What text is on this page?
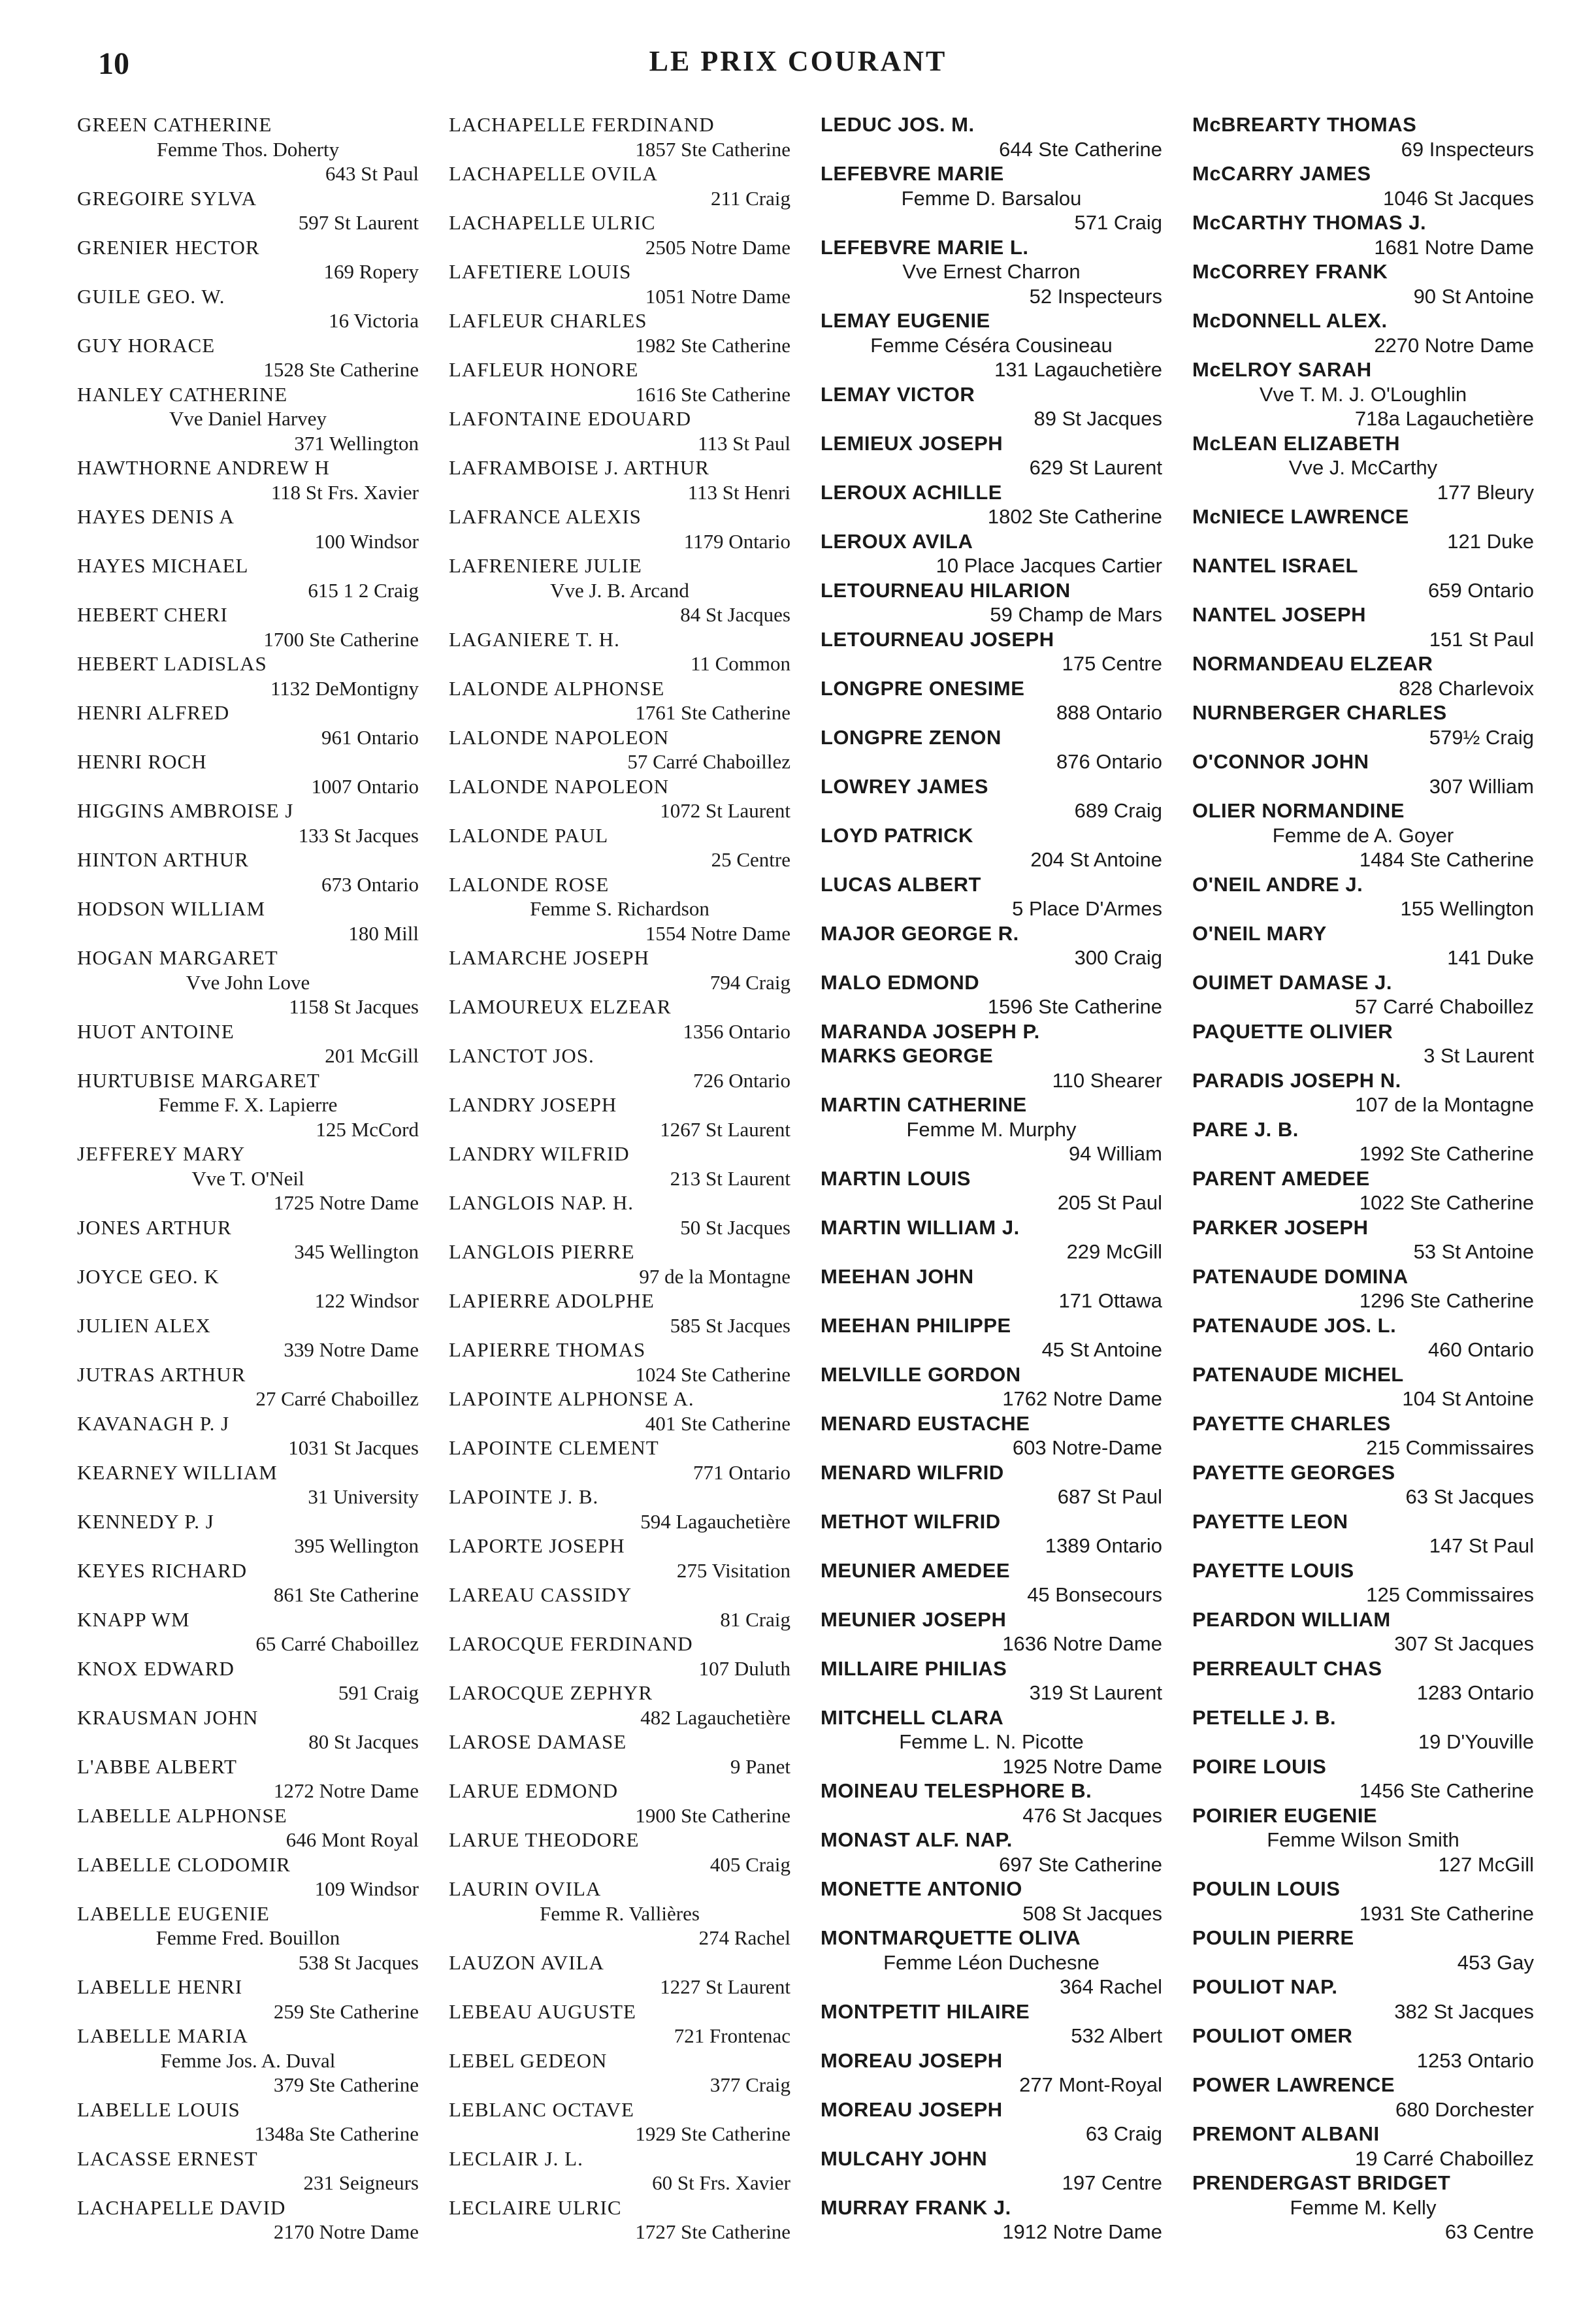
10	LE PRIX COURANT
GREEN CATHERINE
Femme Thos. Doherty
643 St Paul
GREGOIRE SYLVA
597 St Laurent
GRENIER HECTOR
169 Ropery
GUILE GEO. W.
16 Victoria
GUY HORACE
1528 Ste Catherine
HANLEY CATHERINE
Vve Daniel Harvey
371 Wellington
HAWTHORNE ANDREW H
118 St Frs. Xavier
HAYES DENIS A
100 Windsor
HAYES MICHAEL
615 1 2 Craig
HEBERT CHERI
1700 Ste Catherine
HEBERT LADISLAS
1132 DeMontigny
HENRI ALFRED
961 Ontario
HENRI ROCH
1007 Ontario
HIGGINS AMBROISE J
133 St Jacques
HINTON ARTHUR
673 Ontario
HODSON WILLIAM
180 Mill
HOGAN MARGARET
Vve John Love
1158 St Jacques
HUOT ANTOINE
201 McGill
HURTUBISE MARGARET
Femme F. X. Lapierre
125 McCord
JEFFEREY MARY
Vve T. O'Neil
1725 Notre Dame
JONES ARTHUR
345 Wellington
JOYCE GEO. K
122 Windsor
JULIEN ALEX
339 Notre Dame
JUTRAS ARTHUR
27 Carré Chaboillez
KAVANAGH P. J
1031 St Jacques
KEARNEY WILLIAM
31 University
KENNEDY P. J
395 Wellington
KEYES RICHARD
861 Ste Catherine
KNAPP WM
65 Carré Chaboillez
KNOX EDWARD
591 Craig
KRAUSMAN JOHN
80 St Jacques
L'ABBE ALBERT
1272 Notre Dame
LABELLE ALPHONSE
646 Mont Royal
LABELLE CLODOMIR
109 Windsor
LABELLE EUGENIE
Femme Fred. Bouillon
538 St Jacques
LABELLE HENRI
259 Ste Catherine
LABELLE MARIA
Femme Jos. A. Duval
379 Ste Catherine
LABELLE LOUIS
1348a Ste Catherine
LACASSE ERNEST
231 Seigneurs
LACHAPELLE DAVID
2170 Notre Dame
LACHAPELLE FERDINAND
1857 Ste Catherine
LACHAPELLE OVILA
211 Craig
LACHAPELLE ULRIC
2505 Notre Dame
LAFETIERE LOUIS
1051 Notre Dame
LAFLEUR CHARLES
1982 Ste Catherine
LAFLEUR HONORE
1616 Ste Catherine
LAFONTAINE EDOUARD
113 St Paul
LAFRAMBOISE J. ARTHUR
113 St Henri
LAFRANCE ALEXIS
1179 Ontario
LAFRENIERE JULIE
Vve J. B. Arcand
84 St Jacques
LAGANIERE T. H.
11 Common
LALONDE ALPHONSE
1761 Ste Catherine
LALONDE NAPOLEON
57 Carré Chaboillez
LALONDE NAPOLEON
1072 St Laurent
LALONDE PAUL
25 Centre
LALONDE ROSE
Femme S. Richardson
1554 Notre Dame
LAMARCHE JOSEPH
794 Craig
LAMOUREUX ELZEAR
1356 Ontario
LANCTOT JOS.
726 Ontario
LANDRY JOSEPH
1267 St Laurent
LANDRY WILFRID
213 St Laurent
LANGLOIS NAP. H.
50 St Jacques
LANGLOIS PIERRE
97 de la Montagne
LAPIERRE ADOLPHE
585 St Jacques
LAPIERRE THOMAS
1024 Ste Catherine
LAPOINTE ALPHONSE A.
401 Ste Catherine
LAPOINTE CLEMENT
771 Ontario
LAPOINTE J. B.
594 Lagauchetière
LAPORTE JOSEPH
275 Visitation
LAREAU CASSIDY
81 Craig
LAROCQUE FERDINAND
107 Duluth
LAROCQUE ZEPHYR
482 Lagauchetière
LAROSE DAMASE
9 Panet
LARUE EDMOND
1900 Ste Catherine
LARUE THEODORE
405 Craig
LAURIN OVILA
Femme R. Vallières
274 Rachel
LAUZON AVILA
1227 St Laurent
LEBEAU AUGUSTE
721 Frontenac
LEBEL GEDEON
377 Craig
LEBLANC OCTAVE
1929 Ste Catherine
LECLAIR J. L.
60 St Frs. Xavier
LECLAIRE ULRIC
1727 Ste Catherine
LEDUC JOS. M.
644 Ste Catherine
LEFEBVRE MARIE
Femme D. Barsalou
571 Craig
LEFEBVRE MARIE L.
Vve Ernest Charron
52 Inspecteurs
LEMAY EUGENIE
Femme Céséra Cousineau
131 Lagauchetière
LEMAY VICTOR
89 St Jacques
LEMIEUX JOSEPH
629 St Laurent
LEROUX ACHILLE
1802 Ste Catherine
LEROUX AVILA
10 Place Jacques Cartier
LETOURNEAU HILARION
59 Champ de Mars
LETOURNEAU JOSEPH
175 Centre
LONGPRE ONESIME
888 Ontario
LONGPRE ZENON
876 Ontario
LOWREY JAMES
689 Craig
LOYD PATRICK
204 St Antoine
LUCAS ALBERT
5 Place D'Armes
MAJOR GEORGE R.
300 Craig
MALO EDMOND
1596 Ste Catherine
MARANDA JOSEPH P.
MARKS GEORGE
110 Shearer
MARTIN CATHERINE
Femme M. Murphy
94 William
MARTIN LOUIS
205 St Paul
MARTIN WILLIAM J.
229 McGill
MEEHAN JOHN
171 Ottawa
MEEHAN PHILIPPE
45 St Antoine
MELVILLE GORDON
1762 Notre Dame
MENARD EUSTACHE
603 Notre-Dame
MENARD WILFRID
687 St Paul
METHOT WILFRID
1389 Ontario
MEUNIER AMEDEE
45 Bonsecours
MEUNIER JOSEPH
1636 Notre Dame
MILLAIRE PHILIAS
319 St Laurent
MITCHELL CLARA
Femme L. N. Picotte
1925 Notre Dame
MOINEAU TELESPHORE B.
476 St Jacques
MONAST ALF. NAP.
697 Ste Catherine
MONETTE ANTONIO
508 St Jacques
MONTMARQUETTE OLIVA
Femme Léon Duchesne
364 Rachel
MONTPETIT HILAIRE
532 Albert
MOREAU JOSEPH
277 Mont-Royal
MOREAU JOSEPH
63 Craig
MULCAHY JOHN
197 Centre
MURRAY FRANK J.
1912 Notre Dame
McBREARTY THOMAS
69 Inspecteurs
McCARRY JAMES
1046 St Jacques
McCARTHY THOMAS J.
1681 Notre Dame
McCORREY FRANK
90 St Antoine
McDONNELL ALEX.
2270 Notre Dame
McELROY SARAH
Vve T. M. J. O'Loughlin
718a Lagauchetière
McLEAN ELIZABETH
Vve J. McCarthy
177 Bleury
McNIECE LAWRENCE
121 Duke
NANTEL ISRAEL
659 Ontario
NANTEL JOSEPH
151 St Paul
NORMANDEAU ELZEAR
828 Charlevoix
NURNBERGER CHARLES
579½ Craig
O'CONNOR JOHN
307 William
OLIER NORMANDINE
Femme de A. Goyer
1484 Ste Catherine
O'NEIL ANDRE J.
155 Wellington
O'NEIL MARY
141 Duke
OUIMET DAMASE J.
57 Carré Chaboillez
PAQUETTE OLIVIER
3 St Laurent
PARADIS JOSEPH N.
107 de la Montagne
PARE J. B.
1992 Ste Catherine
PARENT AMEDEE
1022 Ste Catherine
PARKER JOSEPH
53 St Antoine
PATENAUDE DOMINA
1296 Ste Catherine
PATENAUDE JOS. L.
460 Ontario
PATENAUDE MICHEL
104 St Antoine
PAYETTE CHARLES
215 Commissaires
PAYETTE GEORGES
63 St Jacques
PAYETTE LEON
147 St Paul
PAYETTE LOUIS
125 Commissaires
PEARDON WILLIAM
307 St Jacques
PERREAULT CHAS
1283 Ontario
PETELLE J. B.
19 D'Youville
POIRE LOUIS
1456 Ste Catherine
POIRIER EUGENIE
Femme Wilson Smith
127 McGill
POULIN LOUIS
1931 Ste Catherine
POULIN PIERRE
453 Gay
POULIOT NAP.
382 St Jacques
POULIOT OMER
1253 Ontario
POWER LAWRENCE
680 Dorchester
PREMONT ALBANI
19 Carré Chaboillez
PRENDERGAST BRIDGET
Femme M. Kelly
63 Centre
